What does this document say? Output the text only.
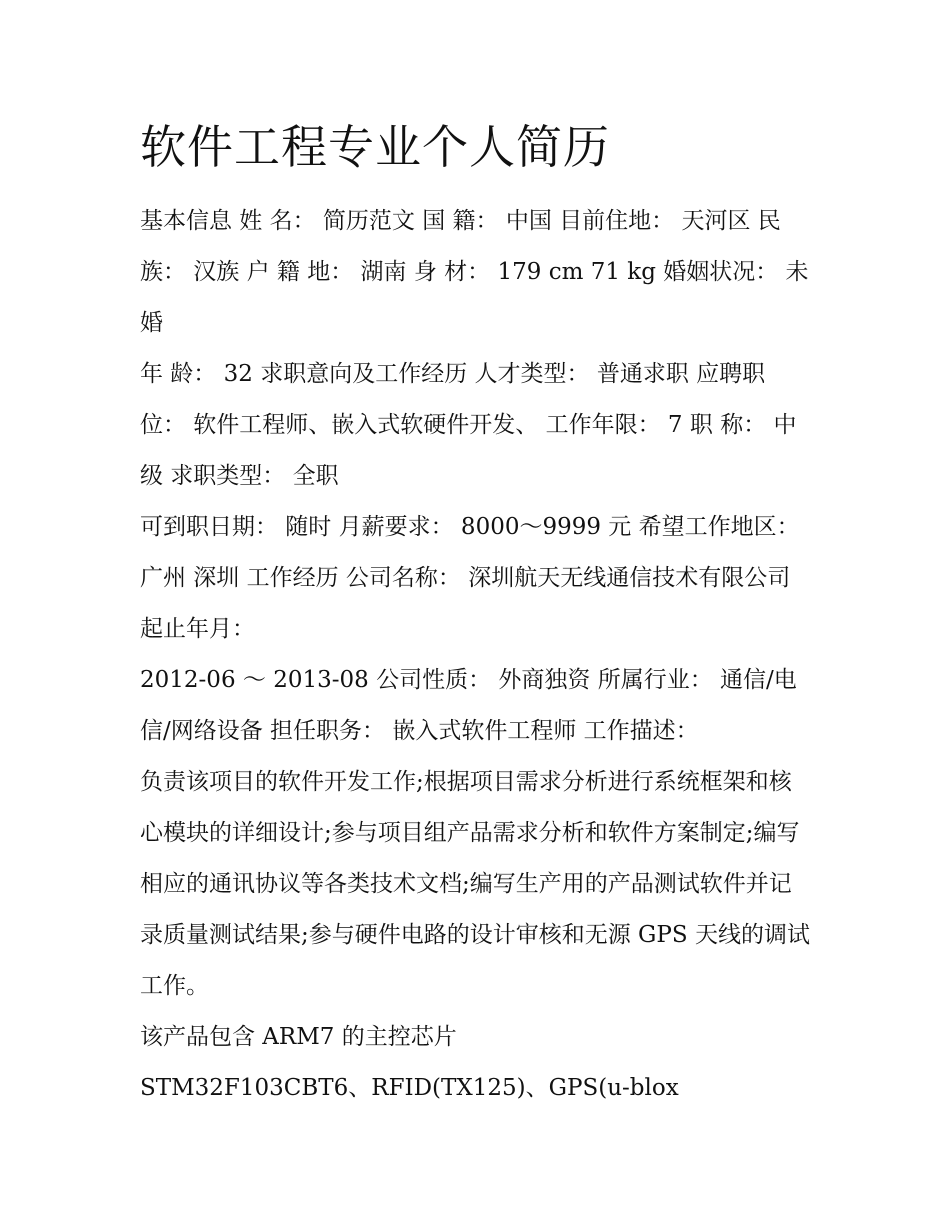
软件工程专业个人简历

基本信息 姓 名： 简历范文 国 籍： 中国 目前住地： 天河区 民 族： 汉族 户 籍 地： 湖南 身 材： 179 cm 71 kg 婚姻状况： 未婚

年 龄： 32 求职意向及工作经历 人才类型： 普通求职 应聘职位： 软件工程师、嵌入式软硬件开发、 工作年限： 7 职 称： 中级 求职类型： 全职

可到职日期： 随时 月薪要求： 8000～9999 元 希望工作地区： 广州 深圳 工作经历 公司名称： 深圳航天无线通信技术有限公司 起止年月：

2012-06 ～ 2013-08 公司性质： 外商独资 所属行业： 通信/电信/网络设备 担任职务： 嵌入式软件工程师 工作描述：

负责该项目的软件开发工作;根据项目需求分析进行系统框架和核心模块的详细设计;参与项目组产品需求分析和软件方案制定;编写相应的通讯协议等各类技术文档;编写生产用的产品测试软件并记录质量测试结果;参与硬件电路的设计审核和无源 GPS 天线的调试工作。

该产品包含 ARM7 的主控芯片

STM32F103CBT6、RFID(TX125)、GPS(u-blox
